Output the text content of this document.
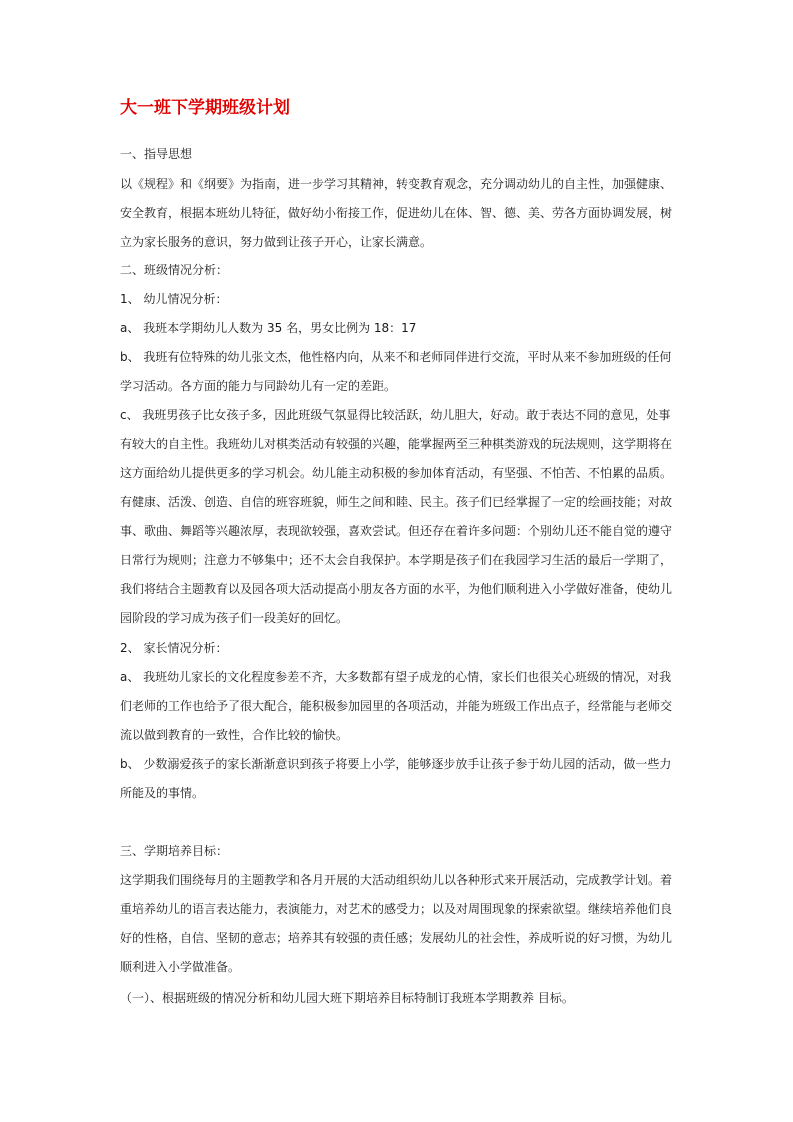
大一班下学期班级计划
一、指导思想
以《规程》和《纲要》为指南，进一步学习其精神，转变教育观念，充分调动幼儿的自主性，加强健康、
安全教育，根据本班幼儿特征，做好幼小衔接工作，促进幼儿在体、智、德、美、劳各方面协调发展，树
立为家长服务的意识，努力做到让孩子开心，让家长满意。
二、班级情况分析：
1、 幼儿情况分析：
a、 我班本学期幼儿人数为 35 名，男女比例为 18：17
b、 我班有位特殊的幼儿张文杰，他性格内向，从来不和老师同伴进行交流，平时从来不参加班级的任何
学习活动。各方面的能力与同龄幼儿有一定的差距。
c、 我班男孩子比女孩子多，因此班级气氛显得比较活跃，幼儿胆大，好动。敢于表达不同的意见，处事
有较大的自主性。我班幼儿对棋类活动有较强的兴趣，能掌握两至三种棋类游戏的玩法规则，这学期将在
这方面给幼儿提供更多的学习机会。幼儿能主动积极的参加体育活动，有坚强、不怕苦、不怕累的品质。
有健康、活泼、创造、自信的班容班貌，师生之间和睦、民主。孩子们已经掌握了一定的绘画技能；对故
事、歌曲、舞蹈等兴趣浓厚，表现欲较强，喜欢尝试。但还存在着许多问题：个别幼儿还不能自觉的遵守
日常行为规则；注意力不够集中；还不太会自我保护。本学期是孩子们在我园学习生活的最后一学期了，
我们将结合主题教育以及园各项大活动提高小朋友各方面的水平，为他们顺利进入小学做好准备，使幼儿
园阶段的学习成为孩子们一段美好的回忆。
2、 家长情况分析：
a、 我班幼儿家长的文化程度参差不齐，大多数都有望子成龙的心情，家长们也很关心班级的情况，对我
们老师的工作也给予了很大配合，能积极参加园里的各项活动，并能为班级工作出点子，经常能与老师交
流以做到教育的一致性，合作比较的愉快。
b、 少数溺爱孩子的家长渐渐意识到孩子将要上小学，能够逐步放手让孩子参于幼儿园的活动，做一些力
所能及的事情。
三、学期培养目标：
这学期我们围绕每月的主题教学和各月开展的大活动组织幼儿以各种形式来开展活动，完成教学计划。着
重培养幼儿的语言表达能力，表演能力，对艺术的感受力；以及对周围现象的探索欲望。继续培养他们良
好的性格，自信、坚韧的意志；培养其有较强的责任感；发展幼儿的社会性，养成听说的好习惯，为幼儿
顺利进入小学做准备。
（一）、根据班级的情况分析和幼儿园大班下期培养目标特制订我班本学期教养 目标。
